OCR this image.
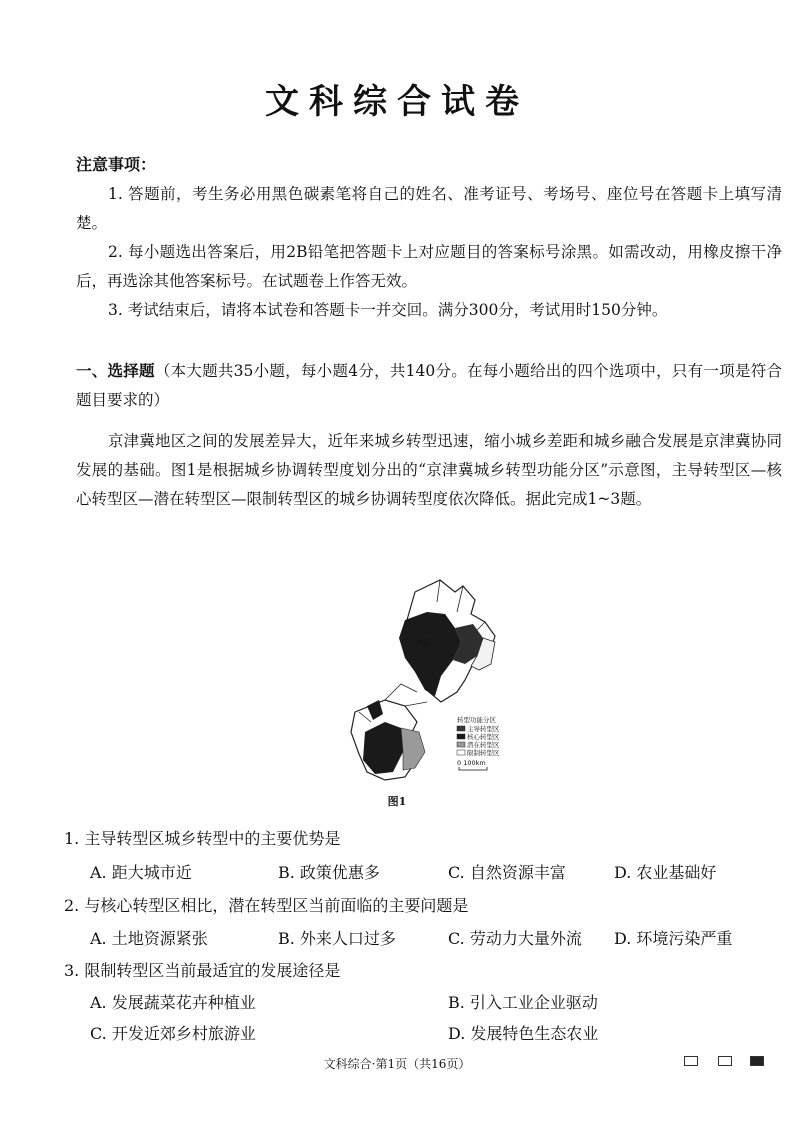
文科综合试卷
注意事项：
1. 答题前，考生务必用黑色碳素笔将自己的姓名、准考证号、考场号、座位号在答题卡上填写清楚。
2. 每小题选出答案后，用2B铅笔把答题卡上对应题目的答案标号涂黑。如需改动，用橡皮擦干净后，再选涂其他答案标号。在试题卷上作答无效。
3. 考试结束后，请将本试卷和答题卡一并交回。满分300分，考试用时150分钟。
一、选择题（本大题共35小题，每小题4分，共140分。在每小题给出的四个选项中，只有一项是符合题目要求的）
京津冀地区之间的发展差异大，近年来城乡转型迅速，缩小城乡差距和城乡融合发展是京津冀协同发展的基础。图1是根据城乡协调转型度划分出的“京津冀城乡转型功能分区”示意图，主导转型区—核心转型区—潜在转型区—限制转型区的城乡协调转型度依次降低。据此完成1~3题。
北京
转型功能分区
主导转型区
核心转型区
潜在转型区
限制转型区
0 100km
图1
1. 主导转型区城乡转型中的主要优势是
A. 距大城市近	B. 政策优惠多	C. 自然资源丰富	D. 农业基础好
2. 与核心转型区相比，潜在转型区当前面临的主要问题是
A. 土地资源紧张	B. 外来人口过多	C. 劳动力大量外流 D. 环境污染严重
3. 限制转型区当前最适宜的发展途径是
A. 发展蔬菜花卉种植业	B. 引入工业企业驱动
C. 开发近郊乡村旅游业	D. 发展特色生态农业
文科综合·第1页（共16页）
